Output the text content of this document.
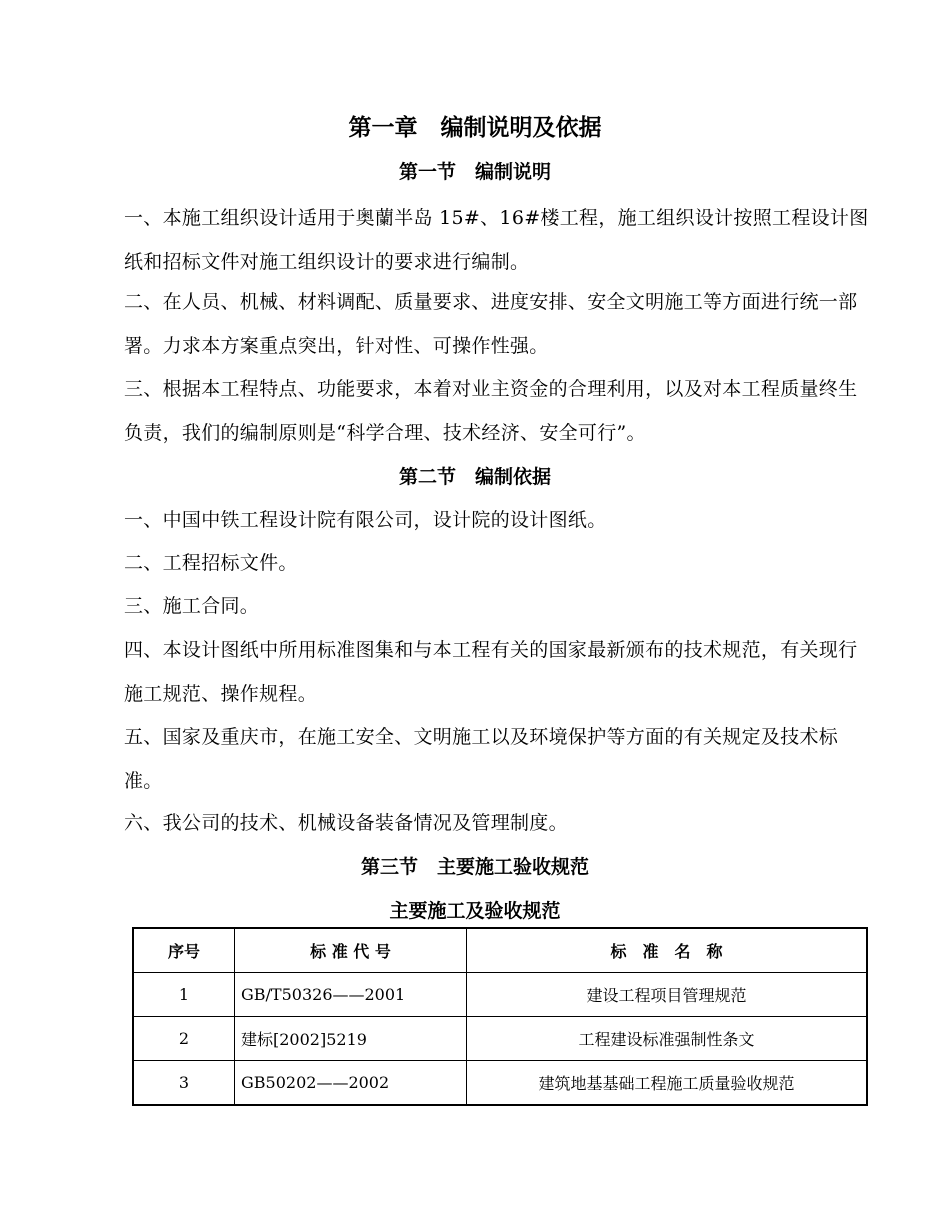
第一章　编制说明及依据
第一节　编制说明

一、本施工组织设计适用于奥蘭半岛 15#、16#楼工程，施工组织设计按照工程设计图纸和招标文件对施工组织设计的要求进行编制。

二、在人员、机械、材料调配、质量要求、进度安排、安全文明施工等方面进行统一部署。力求本方案重点突出，针对性、可操作性强。

三、根据本工程特点、功能要求，本着对业主资金的合理利用，以及对本工程质量终生负责，我们的编制原则是“科学合理、技术经济、安全可行”。

第二节　编制依据

一、中国中铁工程设计院有限公司，设计院的设计图纸。

二、工程招标文件。

三、施工合同。

四、本设计图纸中所用标准图集和与本工程有关的国家最新颁布的技术规范，有关现行施工规范、操作规程。

五、国家及重庆市，在施工安全、文明施工以及环境保护等方面的有关规定及技术标准。

六、我公司的技术、机械设备装备情况及管理制度。

第三节　主要施工验收规范
主要施工及验收规范
序号	标 准 代 号	标　准　名　称
1	GB/T50326——2001	建设工程项目管理规范
2	建标[2002]5219	工程建设标准强制性条文
3	GB50202——2002	建筑地基基础工程施工质量验收规范
